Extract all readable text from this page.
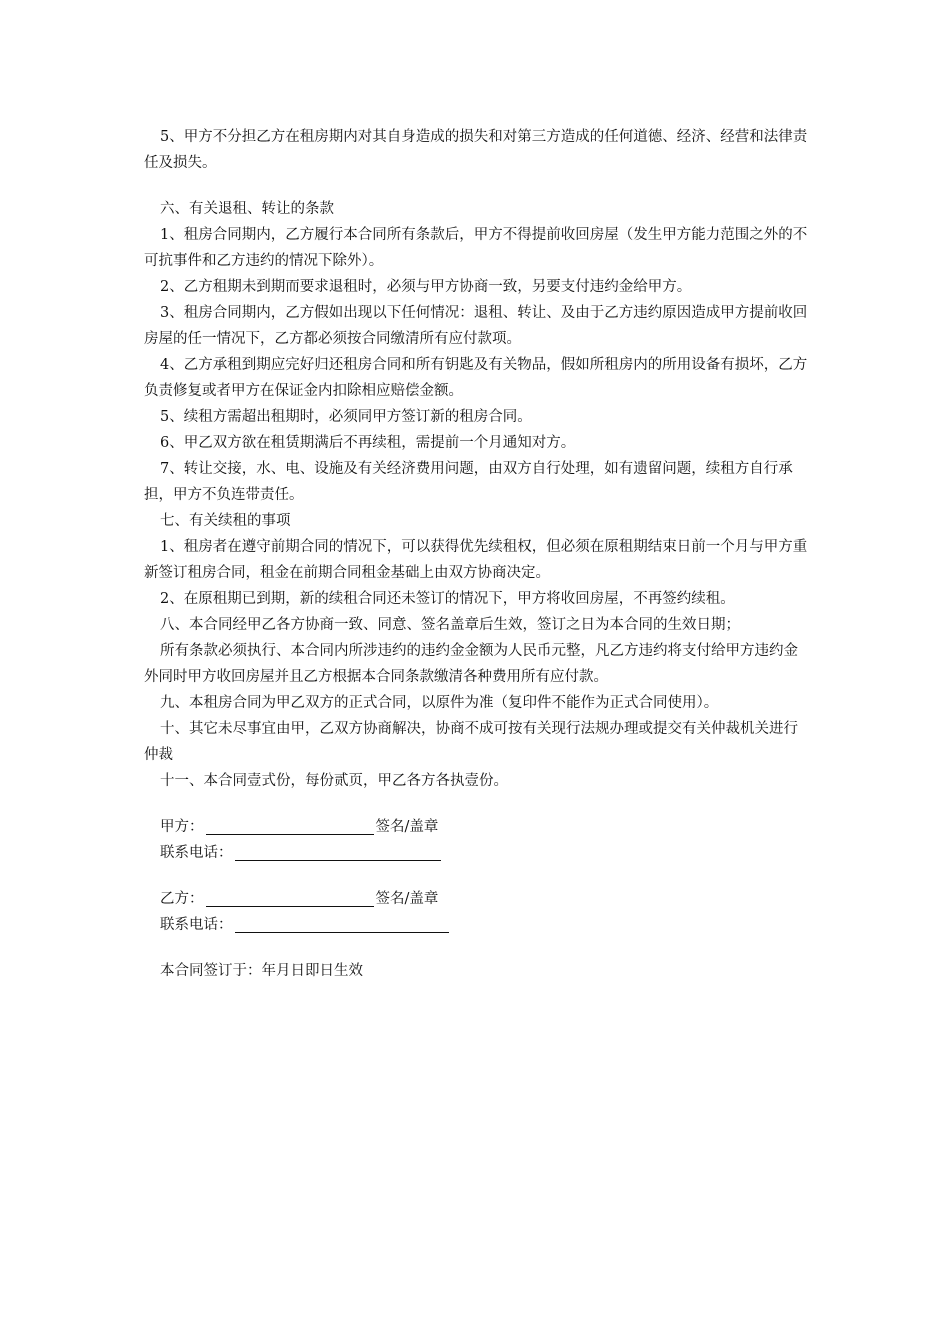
5、甲方不分担乙方在租房期内对其自身造成的损失和对第三方造成的任何道德、经济、经营和法律责任及损失。

六、有关退租、转让的条款

1、租房合同期内，乙方履行本合同所有条款后，甲方不得提前收回房屋（发生甲方能力范围之外的不可抗事件和乙方违约的情况下除外）。

2、乙方租期未到期而要求退租时，必须与甲方协商一致，另要支付违约金给甲方。

3、租房合同期内，乙方假如出现以下任何情况：退租、转让、及由于乙方违约原因造成甲方提前收回房屋的任一情况下，乙方都必须按合同缴清所有应付款项。

4、乙方承租到期应完好归还租房合同和所有钥匙及有关物品，假如所租房内的所用设备有损坏，乙方负责修复或者甲方在保证金内扣除相应赔偿金额。

5、续租方需超出租期时，必须同甲方签订新的租房合同。

6、甲乙双方欲在租赁期满后不再续租，需提前一个月通知对方。

7、转让交接，水、电、设施及有关经济费用问题，由双方自行处理，如有遗留问题，续租方自行承担，甲方不负连带责任。

七、有关续租的事项

1、租房者在遵守前期合同的情况下，可以获得优先续租权，但必须在原租期结束日前一个月与甲方重新签订租房合同，租金在前期合同租金基础上由双方协商决定。

2、在原租期已到期，新的续租合同还未签订的情况下，甲方将收回房屋，不再签约续租。

八、本合同经甲乙各方协商一致、同意、签名盖章后生效，签订之日为本合同的生效日期；

所有条款必须执行、本合同内所涉违约的违约金金额为人民币元整，凡乙方违约将支付给甲方违约金外同时甲方收回房屋并且乙方根据本合同条款缴清各种费用所有应付款。

九、本租房合同为甲乙双方的正式合同，以原件为准（复印件不能作为正式合同使用）。

十、其它未尽事宜由甲，乙双方协商解决，协商不成可按有关现行法规办理或提交有关仲裁机关进行仲裁

十一、本合同壹式份，每份贰页，甲乙各方各执壹份。

甲方：	签名/盖章

联系电话：

乙方：	签名/盖章

联系电话：

本合同签订于：年月日即日生效
